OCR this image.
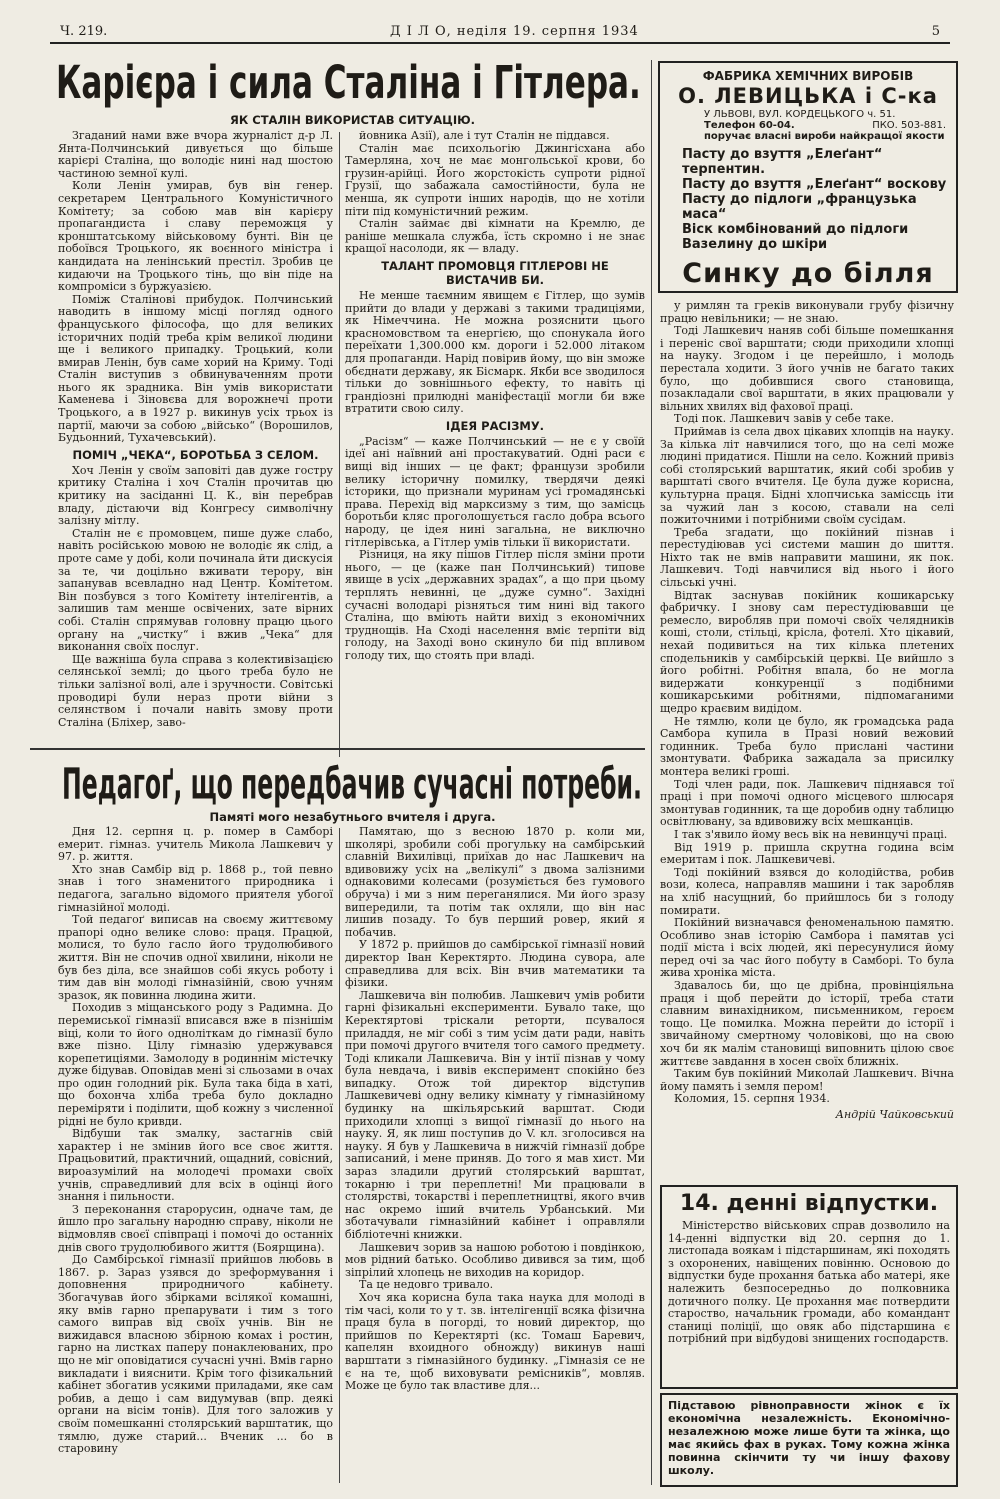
Ч. 219.	Д І Л О, неділя 19. серпня 1934	5
Карієра і сила Сталіна і Гітлера.
ЯК СТАЛІН ВИКОРИСТАВ СИТУАЦІЮ.

Згаданий нами вже вчора журналіст д-р Л. Янта-Полчинський дивується що більше карієрі Сталіна, що володіє нині над шостою частиною земної кулі.

Коли Ленін умирав, був він генер. секретарем Центрального Комуністичного Комітету; за собою мав він карієру пропагандиста і славу переможця у кронштатському військовому бунті. Він це побоївся Троцького, як воєнного міністра і кандидата на ленінський престіл. Зробив це кидаючи на Троцького тінь, що він піде на компроміси з буржуазією.

Поміж Сталіновi прибудок. Полчинський наводить в іншому місці погляд одного француського філософа, що для великих історичних подій треба крім великої людини ще і великого припадку. Троцький, коли вмирав Ленін, був саме хорий на Криму. Тоді Сталін виступив з обвинуваченням проти нього як зрадника. Він умів використати Каменева і Зіновєва для ворожнечі проти Троцького, а в 1927 р. викинув усіх трьох із партії, маючи за собою „військо“ (Ворошилов, Будьонний, Тухачевський).

ПОМІЧ „ЧЕКА“, БОРОТЬБА З СЕЛОМ.

Хоч Ленін у своїм заповіті дав дуже гостру критику Сталіна і хоч Сталін прочитав цю критику на засіданні Ц. К., він перебрав владу, дістаючи від Конгресу символічну залізну мітлу.

Сталін не є промовцем, пише дуже слабо, навіть російською мовою не володіє як слід, а проте саме у добі, коли починала йти дискусія за те, чи доцільно вживати терору, він запанував всевладно над Центр. Комітетом. Він позбувся з того Комітету інтелігентів, а залишив там менше освічених, зате вірних собі. Сталін спрямував головну працю цього органу на „чистку“ і вжив „Чека“ для виконання своїх послуг.

Ще важніша була справа з колективізацією селянської землі; до цього треба було не тільки залізної волі, але і зручности. Совітські проводирі були нераз проти війни з селянством і почали навіть змову проти Сталіна (Бліхер, заво-

йовника Азії), але і тут Сталін не піддався.

Сталін має психольогію Джингісхана або Тамерляна, хоч не має монгольської крови, бо грузин-арійці. Його жорстокість супроти рідної Грузії, що забажала самостійности, була не менша, як супроти інших народів, що не хотіли піти під комуністичний режим.

Сталін займає дві кімнати на Кремлю, де раніше мешкала служба, їсть скромно і не знає кращої насолоди, як — владу.

ТАЛАНТ ПРОМОВЦЯ ГІТЛЕРОВІ НЕ ВИСТАЧИВ БИ.

Не менше таємним явищем є Гітлер, що зумів прийти до влади у державі з такими традиціями, як Німеччина. Не можна розяснити цього красномовством та енергією, що спонукала його переїхати 1,300.000 км. дороги і 52.000 літаком для пропаганди. Нарід повірив йому, що він зможе обєднати державу, як Бісмарк. Якби все зводилося тільки до зовнішнього ефекту, то навіть ці грандіозні прилюдні маніфестації могли би вже втратити свою силу.

ІДЕЯ РАСІЗМУ.

„Расізм“ — каже Полчинський — не є у своїй ідеї ані наївний ані простакуватий. Одні раси є вищі від інших — це факт; французи зробили велику історичну помилку, твердячи деякі історики, що признали муринам усі громадянські права. Перехід від марксизму з тим, що замісць боротьби кляс проголошується гасло добра всього народу, це ідея нині загальна, не виключно гітлерівська, а Гітлер умів тільки її використати.

Різниця, на яку пішов Гітлер після зміни проти нього, — це (каже пан Полчинський) типове явище в усіх „державних зрадах“, а що при цьому терплять невинні, це „дуже сумно“. Західні сучасні володарі різняться тим нині від такого Сталіна, що вміють найти вихід з економічних труднощів. На Сході населення вміє терпіти від голоду, на Заході воно скинуло би під впливом голоду тих, що стоять при владі.

ФАБРИКА ХЕМІЧНИХ ВИРОБІВ
О. ЛЕВИЦЬКА і С-ка
У ЛЬВОВІ, ВУЛ. КОРДЕЦЬКОГО ч. 51.
Телефон 60-04.	ПКО. 503-881.
поручає власні вироби найкращої якости
Пасту до взуття „Елеґант“ терпентин.
Пасту до взуття „Елеґант“ воскову
Пасту до підлоги „французька маса“
Віск комбінований до підлоги
Вазелину до шкіри
Синку до білля

у римлян та греків виконували грубу фізичну працю невільники; — не знаю.

Тоді Лашкевич наняв собі більше помешкання і переніс свої варштати; сюди приходили хлопці на науку. Згодом і це перейшло, і молодь перестала ходити. З його учнів не багато таких було, що добившися свого становища, позакладали свої варштати, в яких працювали у вільних хвилях від фахової праці.

Тоді пок. Лашкевич завів у себе таке.

Приймав із села двох цікавих хлопців на науку. За кілька літ навчилися того, що на селі може людині придатися. Пішли на село. Кожний привіз собі столярський варштатик, який собі зробив у варштаті свого вчителя. Це була дуже корисна, культурна праця. Бідні хлопчиська заміссць іти за чужий лан з косою, ставали на селі пожиточними і потрібними своїм сусідам.

Треба згадати, що покійний пізнав і перестудіював усі системи машин до шиття. Ніхто так не вмів направити машини, як пок. Лашкевич. Тоді навчилися від нього і його сільські учні.

Відтак заснував покійник кошикарську фабричку. І знову сам перестудіювавши це ремесло, виробляв при помочі своїх челядників коші, столи, стільці, крісла, фотелі. Хто цікавий, нехай подивиться на тих кілька плетених сподельників у самбірській церкві. Це вийшло з його робітні. Робітня впала, бо не могла видержати конкуренції з подібними кошикарськими робітнями, підпомаганими щедро краєвим видідом.

Не тямлю, коли це було, як громадська рада Самбора купила в Празі новий вежовий годинник. Треба було прислані частини змонтувати. Фабрика зажадала за присилку монтера великі гроші.

Тоді член ради, пок. Лашкевич підняався тої праці і при помочі одного місцевого шлюсаря змонтував годинник, та ще доробив одну таблицю освітлювану, за вдивовижу всіх мешканців.

І так з'явило йому весь вік на невинцучі праці.

Від 1919 р. пришла скрутна година всім емеритам і пок. Лашкевичеві.

Тоді покійний взявся до колодійства, робив вози, колеса, направляв машини і так заробляв на хліб насущний, бо прийшлось би з голоду помирати.

Покійний визначався феноменальною памятю. Особливо знав історію Самбора і памятав усі події міста і всіх людей, які пересунулися йому перед очі за час його побуту в Самборі. То була жива хроніка міста.

Здавалось би, що це дрібна, провінціяльна праця і щоб перейти до історії, треба стати славним винахідником, письменником, героєм тощо. Це помилка. Можна перейти до історії і звичайному смертному чоловікові, що на свою хоч би як малім становищі виповнить цілою своє життєве завдання в хосен своїх ближніх.

Таким був покійний Миколай Лашкевич. Вічна йому память і земля пером!

Коломия, 15. серпня 1934.

Андрій Чайковський
Педагоґ, що передбачив сучасні потреби.
Памяті мого незабутнього вчителя і друга.

Дня 12. серпня ц. р. помер в Самборі емерит. гімназ. учитель Микола Лашкевич у 97. р. життя.

Хто знав Самбір від р. 1868 р., той певно знав і того знаменитого природника і педагога, загально відомого приятеля убогої гімназійної молоді.

Той педагоґ виписав на своєму життєвому прапорі одно велике слово: праця. Працюй, молися, то було гасло його трудолюбивого життя. Він не спочив одної хвилини, ніколи не був без діла, все знайшов собі якусь роботу і тим дав він молоді гімназійній, свою учням зразок, як повинна людина жити.

Походив з міщанського роду з Радимна. До перемиської гімназії вписався вже в пізнішім віці, коли то його одноліткам до гімназії було вже пізно. Цілу гімназію удержувався корепетиціями. Замолоду в родиннім містечку дуже бідував. Оповідав мені зі сльозами в очах про один голодний рік. Була така біда в хаті, що бохонча хліба треба було докладно переміряти і поділити, щоб кожну з численної рідні не було кривди.

Відбуши так змалку, застагнів свій характер і не змінив його все своє життя. Працьовитий, практичний, ощадний, совісний, вироазумілий на молодечі промахи своїх учнів, справедливий для всіх в оцінці його знання і пильности.

З переконання старорусин, одначе там, де йшло про загальну народню справу, ніколи не відмовляв своєї співпраці і помочі до останніх днів свого трудолюбивого життя (Боярщина).

До Самбірської гімназії прийшов любовь в 1867. р. Зараз узявся до зреформування і доповнення природничого кабінету. Збогачував його збірками всілякої комашні, яку вмів гарно препарувати і тим з того самого виправ від своїх учнів. Він не вижидався власною збірною комах і ростин, гарно на листках паперу понаклеюваних, про що не міг оповідатися сучасні учні. Вмів гарно викладати і вияснити. Крім того фізикальний кабінет збогатив усякими приладами, яке сам робив, а дещо і сам видумував (впр. деякі органи на вісім тонів). Для того заложив у своїм помешканні столярський варштатик, що тямлю, дуже старий... Вченик ... бо в старовину

Памятаю, що з весною 1870 р. коли ми, школярі, зробили собі прогульку на самбірський славній Вихилівці, приїхав до нас Лашкевич на вдивовижу усіх на „велікулі“ з двома залізними однаковими колесами (розуміється без гумового обруча) і ми з ним переганялися. Ми його зразу випередили, та потім так охляли, що він нас лишив позаду. То був перший ровер, який я побачив.

У 1872 р. прийшов до самбірської гімназії новий директор Іван Керектярто. Людина сувора, але справедлива для всіх. Він вчив математики та фізики.

Лашкевича він полюбив. Лашкевич умів робити гарні фізикальні експерименти. Бувало таке, що Керектяртові тріскали реторти, псувалося приладдя, не міг собі з тим усім дати ради, навіть при помочі другого вчителя того самого предмету. Тоді кликали Лашкевича. Він у інтії пізнав у чому була невдача, і вивів експеримент спокійно без випадку. Отож той директор відступив Лашкевичеві одну велику кімнату у гімназійному будинку на шкільярський варштат. Сюди приходили хлопці з вищої гімназії до нього на науку. Я, як лиш поступив до V. кл. зголосився на науку. Я був у Лашкевича в нижчій гімназії добре записаний, і мене приняв. До того я мав хист. Ми зараз зладили другий столярський варштат, токарню і три переплетні! Ми працювали в столярстві, токарстві і переплетництві, якого вчив нас окремо іший вчитель Урбанський. Ми зботачували гімназійний кабінет і оправляли бібліотечні книжки.

Лашкевич зорив за нашою роботою і повдінкою, мов рідний батько. Особливо дивився за тим, щоб зіпрілий хлопець не виходив на коридор.

Та це недовго тривало.

Хоч яка корисна була така наука для молоді в тім часі, коли то у т. зв. інтелігенції всяка фізична праця була в погорді, то новий директор, що прийшов по Керектярті (кс. Томаш Баревич, капелян вхоидного обножду) викинув наші варштати з гімназійного будинку. „Гімназія се не є на те, щоб виховувати ремісників“, мовляв. Може це було так властиве для...

14. денні відпустки.

Міністерство військових справ дозволило на 14-денні відпустки від 20. серпня до 1. листопада воякам і підстаршинам, які походять з охоронених, навіщених повінню. Основою до відпустки буде прохання батька або матері, яке належить безпосередньо до полковника дотичного полку. Це прохання має потвердити староство, начальник громади, або командант станиці поліції, що овяк або підстаршина є потрібний при відбудові знищених господарств.

Підставою рівноправности жінок є їх економічна незалежність. Економічно-незалежною може лише бути та жінка, що має якийсь фах в руках. Тому кожна жінка повинна скінчити ту чи іншу фахову школу.
